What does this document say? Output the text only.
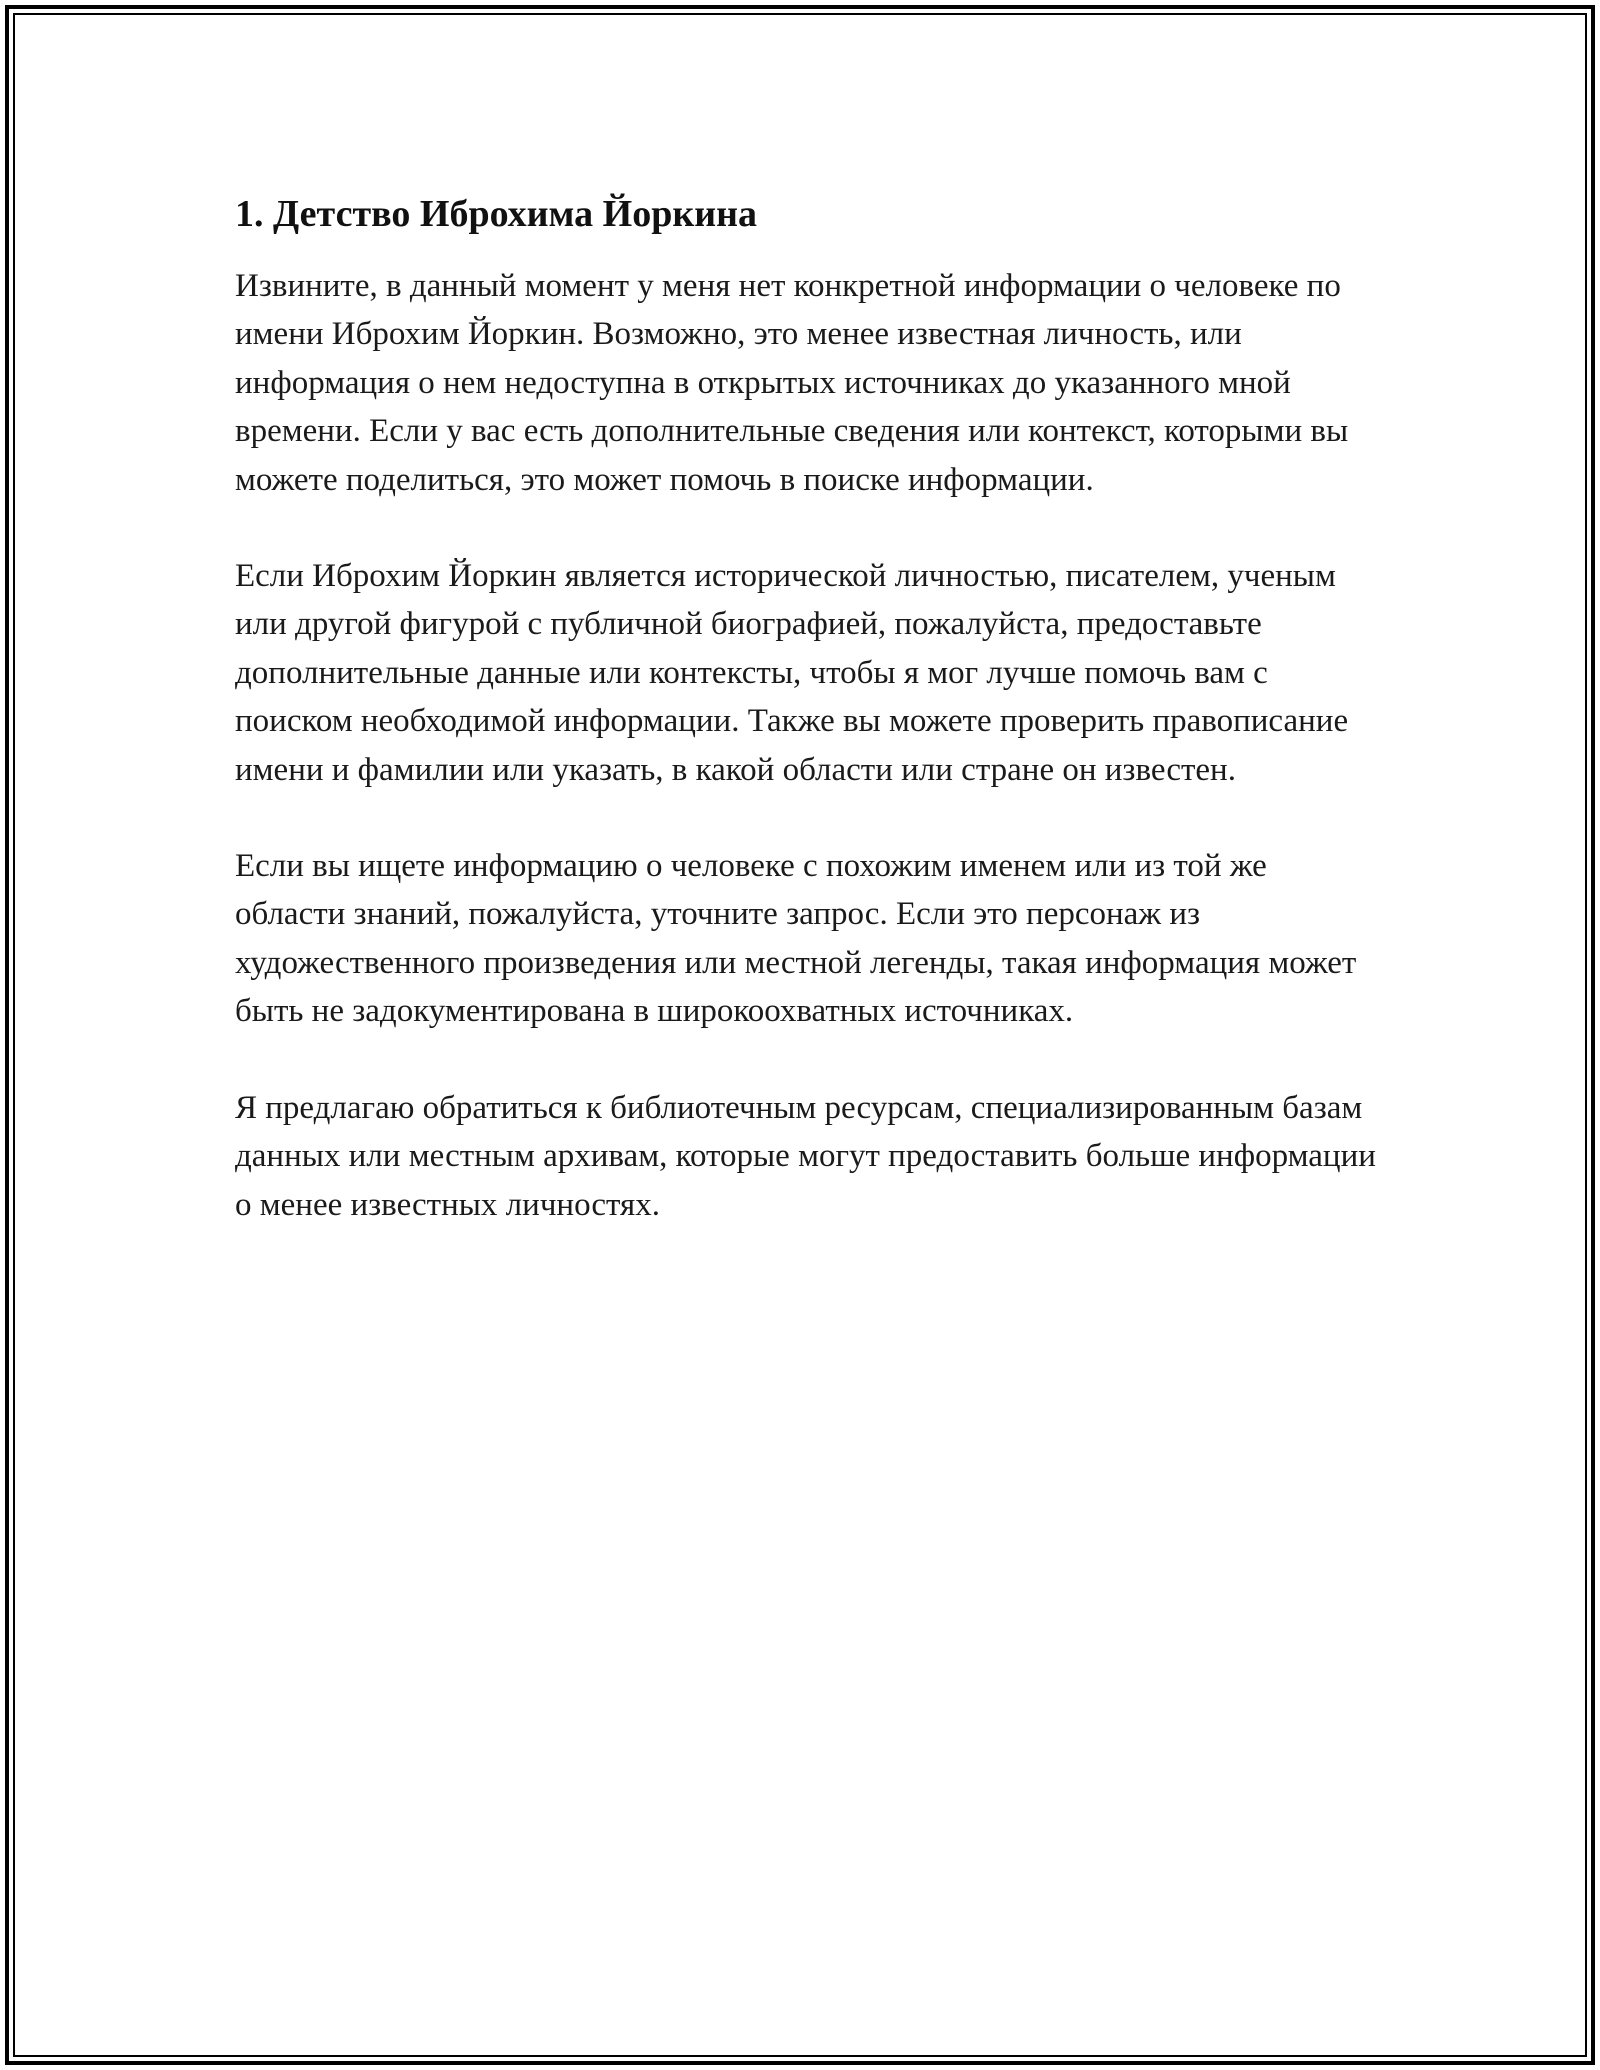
1. Детство Иброхима Йоркина

Извините, в данный момент у меня нет конкретной информации о человеке по имени Иброхим Йоркин. Возможно, это менее известная личность, или информация о нем недоступна в открытых источниках до указанного мной времени. Если у вас есть дополнительные сведения или контекст, которыми вы можете поделиться, это может помочь в поиске информации.

Если Иброхим Йоркин является исторической личностью, писателем, ученым или другой фигурой с публичной биографией, пожалуйста, предоставьте дополнительные данные или контексты, чтобы я мог лучше помочь вам с поиском необходимой информации. Также вы можете проверить правописание имени и фамилии или указать, в какой области или стране он известен.

Если вы ищете информацию о человеке с похожим именем или из той же области знаний, пожалуйста, уточните запрос. Если это персонаж из художественного произведения или местной легенды, такая информация может быть не задокументирована в широкоохватных источниках.

Я предлагаю обратиться к библиотечным ресурсам, специализированным базам данных или местным архивам, которые могут предоставить больше информации о менее известных личностях.
